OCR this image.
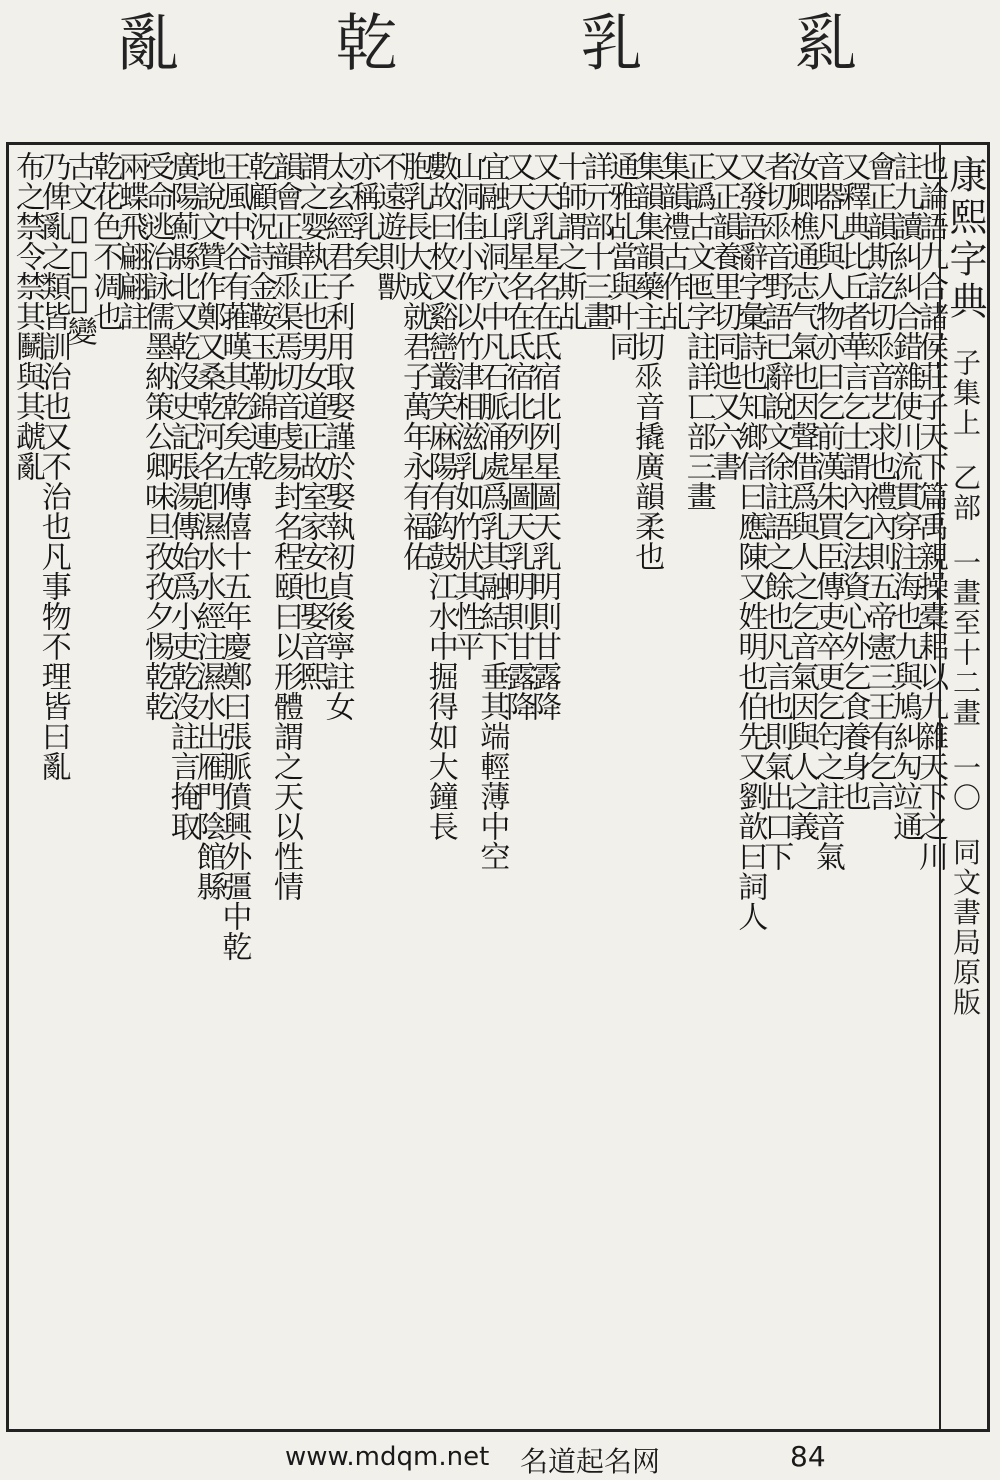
亂 乾
	乳 乿
也論語九合諸侯莊子天下篇禹親操橐耜以九雜天下之川
註九讀糾糾合錯雜使川流貫穿注海也九與鳩糾勼竝通
會正韻斯訖切𠂹音艺求也禮內則五帝憲三王有乞言
又釋典比丘者華言乞士謂內乞法資心外乞食養身也
音器凡與人物亦曰乞前漢朱買臣傳吏卒更乞匄之註音氣
汝卿樵通志气氣也因聲借爲與人之乞音氣因與人之義
者切𠂹音野語已辭說文徐註語之餘也凡言也則氣出口下
又發語辭字彙詩也知鄉信曰應陳又姓明也伯先又劉歆曰詞人
又正韻養里切同迆又六書
正譌古文匜字註詳匸部三畫
集韻禮古作乩
集韻集韻藥主切𠂹音撬廣韻柔也
通雅乩當與叶同
詳亓部十三畫
十師謂之斯乩
又天乳星名在氐宿北列星圖天乳明則甘露降
又天乳星名在氐宿北列星圖天乳明則甘露降
宜融山洞穴中凡石脈涌處爲乳其融結下垂其端輕薄中空
山洞佳小作以竹津相滋乳如竹狀其性平
數故曰枚又谿巒叢笑麻陽有鈎鼓江水中掘得如大鐘長
胞乳長大成就君子萬年永有福佑
不遠遊則獸
亦稱乳矣
太玄經君子利用取娶謹於娶執初貞後寧註女
謂之婴執正也男女道正故室家安也娶音熙
韻會正韻𠂹渠焉切音虔易封名程頤曰以形體謂之天以性情
乾顧況詩金鞍玉勒錦連乾
王風中谷有蓷暵其乾矣左傳僖十五年慶鄭曰張脈僨興外彊中乾
地說文贊作鄭又桑乾河名卽濕水水經注濕水出雁門陰館縣
廣陽薊縣北又乾沒史記張湯傳始爲小吏乾沒註言掩取
受命逃治詠儒墨納策公卿味旦孜孜夕惕乾乾
兩蝶飛翩翩註
乾花色不凋也
古文𠞔𠞔𠞔變
乃俾亂之類皆訓治也又不治也凡事物不理皆曰亂
布之禁令禁其鬭與其虣亂	康熙字典 子集上 乙部 一畫至十二畫 一〇 同文書局原版
www.mdqm.net 名道起名网	84
